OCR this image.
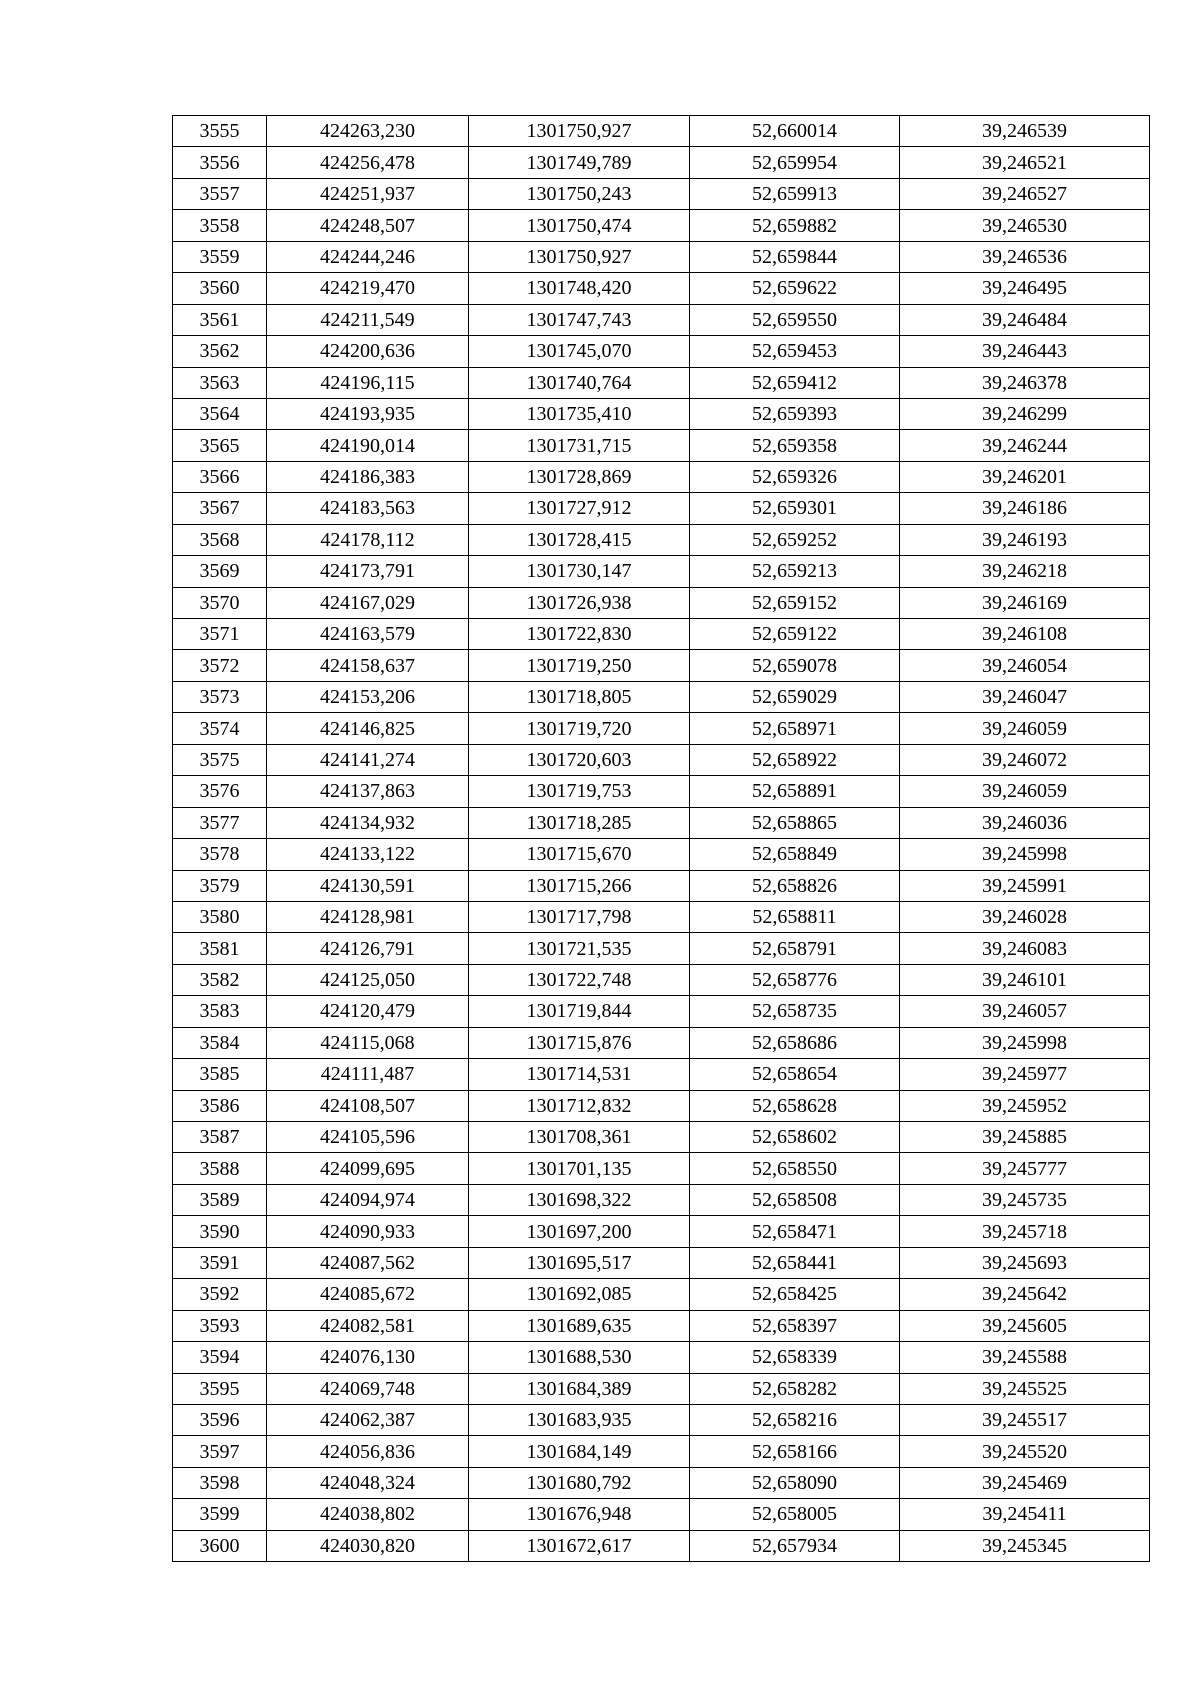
3555	424263,230	1301750,927	52,660014	39,246539
3556	424256,478	1301749,789	52,659954	39,246521
3557	424251,937	1301750,243	52,659913	39,246527
3558	424248,507	1301750,474	52,659882	39,246530
3559	424244,246	1301750,927	52,659844	39,246536
3560	424219,470	1301748,420	52,659622	39,246495
3561	424211,549	1301747,743	52,659550	39,246484
3562	424200,636	1301745,070	52,659453	39,246443
3563	424196,115	1301740,764	52,659412	39,246378
3564	424193,935	1301735,410	52,659393	39,246299
3565	424190,014	1301731,715	52,659358	39,246244
3566	424186,383	1301728,869	52,659326	39,246201
3567	424183,563	1301727,912	52,659301	39,246186
3568	424178,112	1301728,415	52,659252	39,246193
3569	424173,791	1301730,147	52,659213	39,246218
3570	424167,029	1301726,938	52,659152	39,246169
3571	424163,579	1301722,830	52,659122	39,246108
3572	424158,637	1301719,250	52,659078	39,246054
3573	424153,206	1301718,805	52,659029	39,246047
3574	424146,825	1301719,720	52,658971	39,246059
3575	424141,274	1301720,603	52,658922	39,246072
3576	424137,863	1301719,753	52,658891	39,246059
3577	424134,932	1301718,285	52,658865	39,246036
3578	424133,122	1301715,670	52,658849	39,245998
3579	424130,591	1301715,266	52,658826	39,245991
3580	424128,981	1301717,798	52,658811	39,246028
3581	424126,791	1301721,535	52,658791	39,246083
3582	424125,050	1301722,748	52,658776	39,246101
3583	424120,479	1301719,844	52,658735	39,246057
3584	424115,068	1301715,876	52,658686	39,245998
3585	424111,487	1301714,531	52,658654	39,245977
3586	424108,507	1301712,832	52,658628	39,245952
3587	424105,596	1301708,361	52,658602	39,245885
3588	424099,695	1301701,135	52,658550	39,245777
3589	424094,974	1301698,322	52,658508	39,245735
3590	424090,933	1301697,200	52,658471	39,245718
3591	424087,562	1301695,517	52,658441	39,245693
3592	424085,672	1301692,085	52,658425	39,245642
3593	424082,581	1301689,635	52,658397	39,245605
3594	424076,130	1301688,530	52,658339	39,245588
3595	424069,748	1301684,389	52,658282	39,245525
3596	424062,387	1301683,935	52,658216	39,245517
3597	424056,836	1301684,149	52,658166	39,245520
3598	424048,324	1301680,792	52,658090	39,245469
3599	424038,802	1301676,948	52,658005	39,245411
3600	424030,820	1301672,617	52,657934	39,245345
